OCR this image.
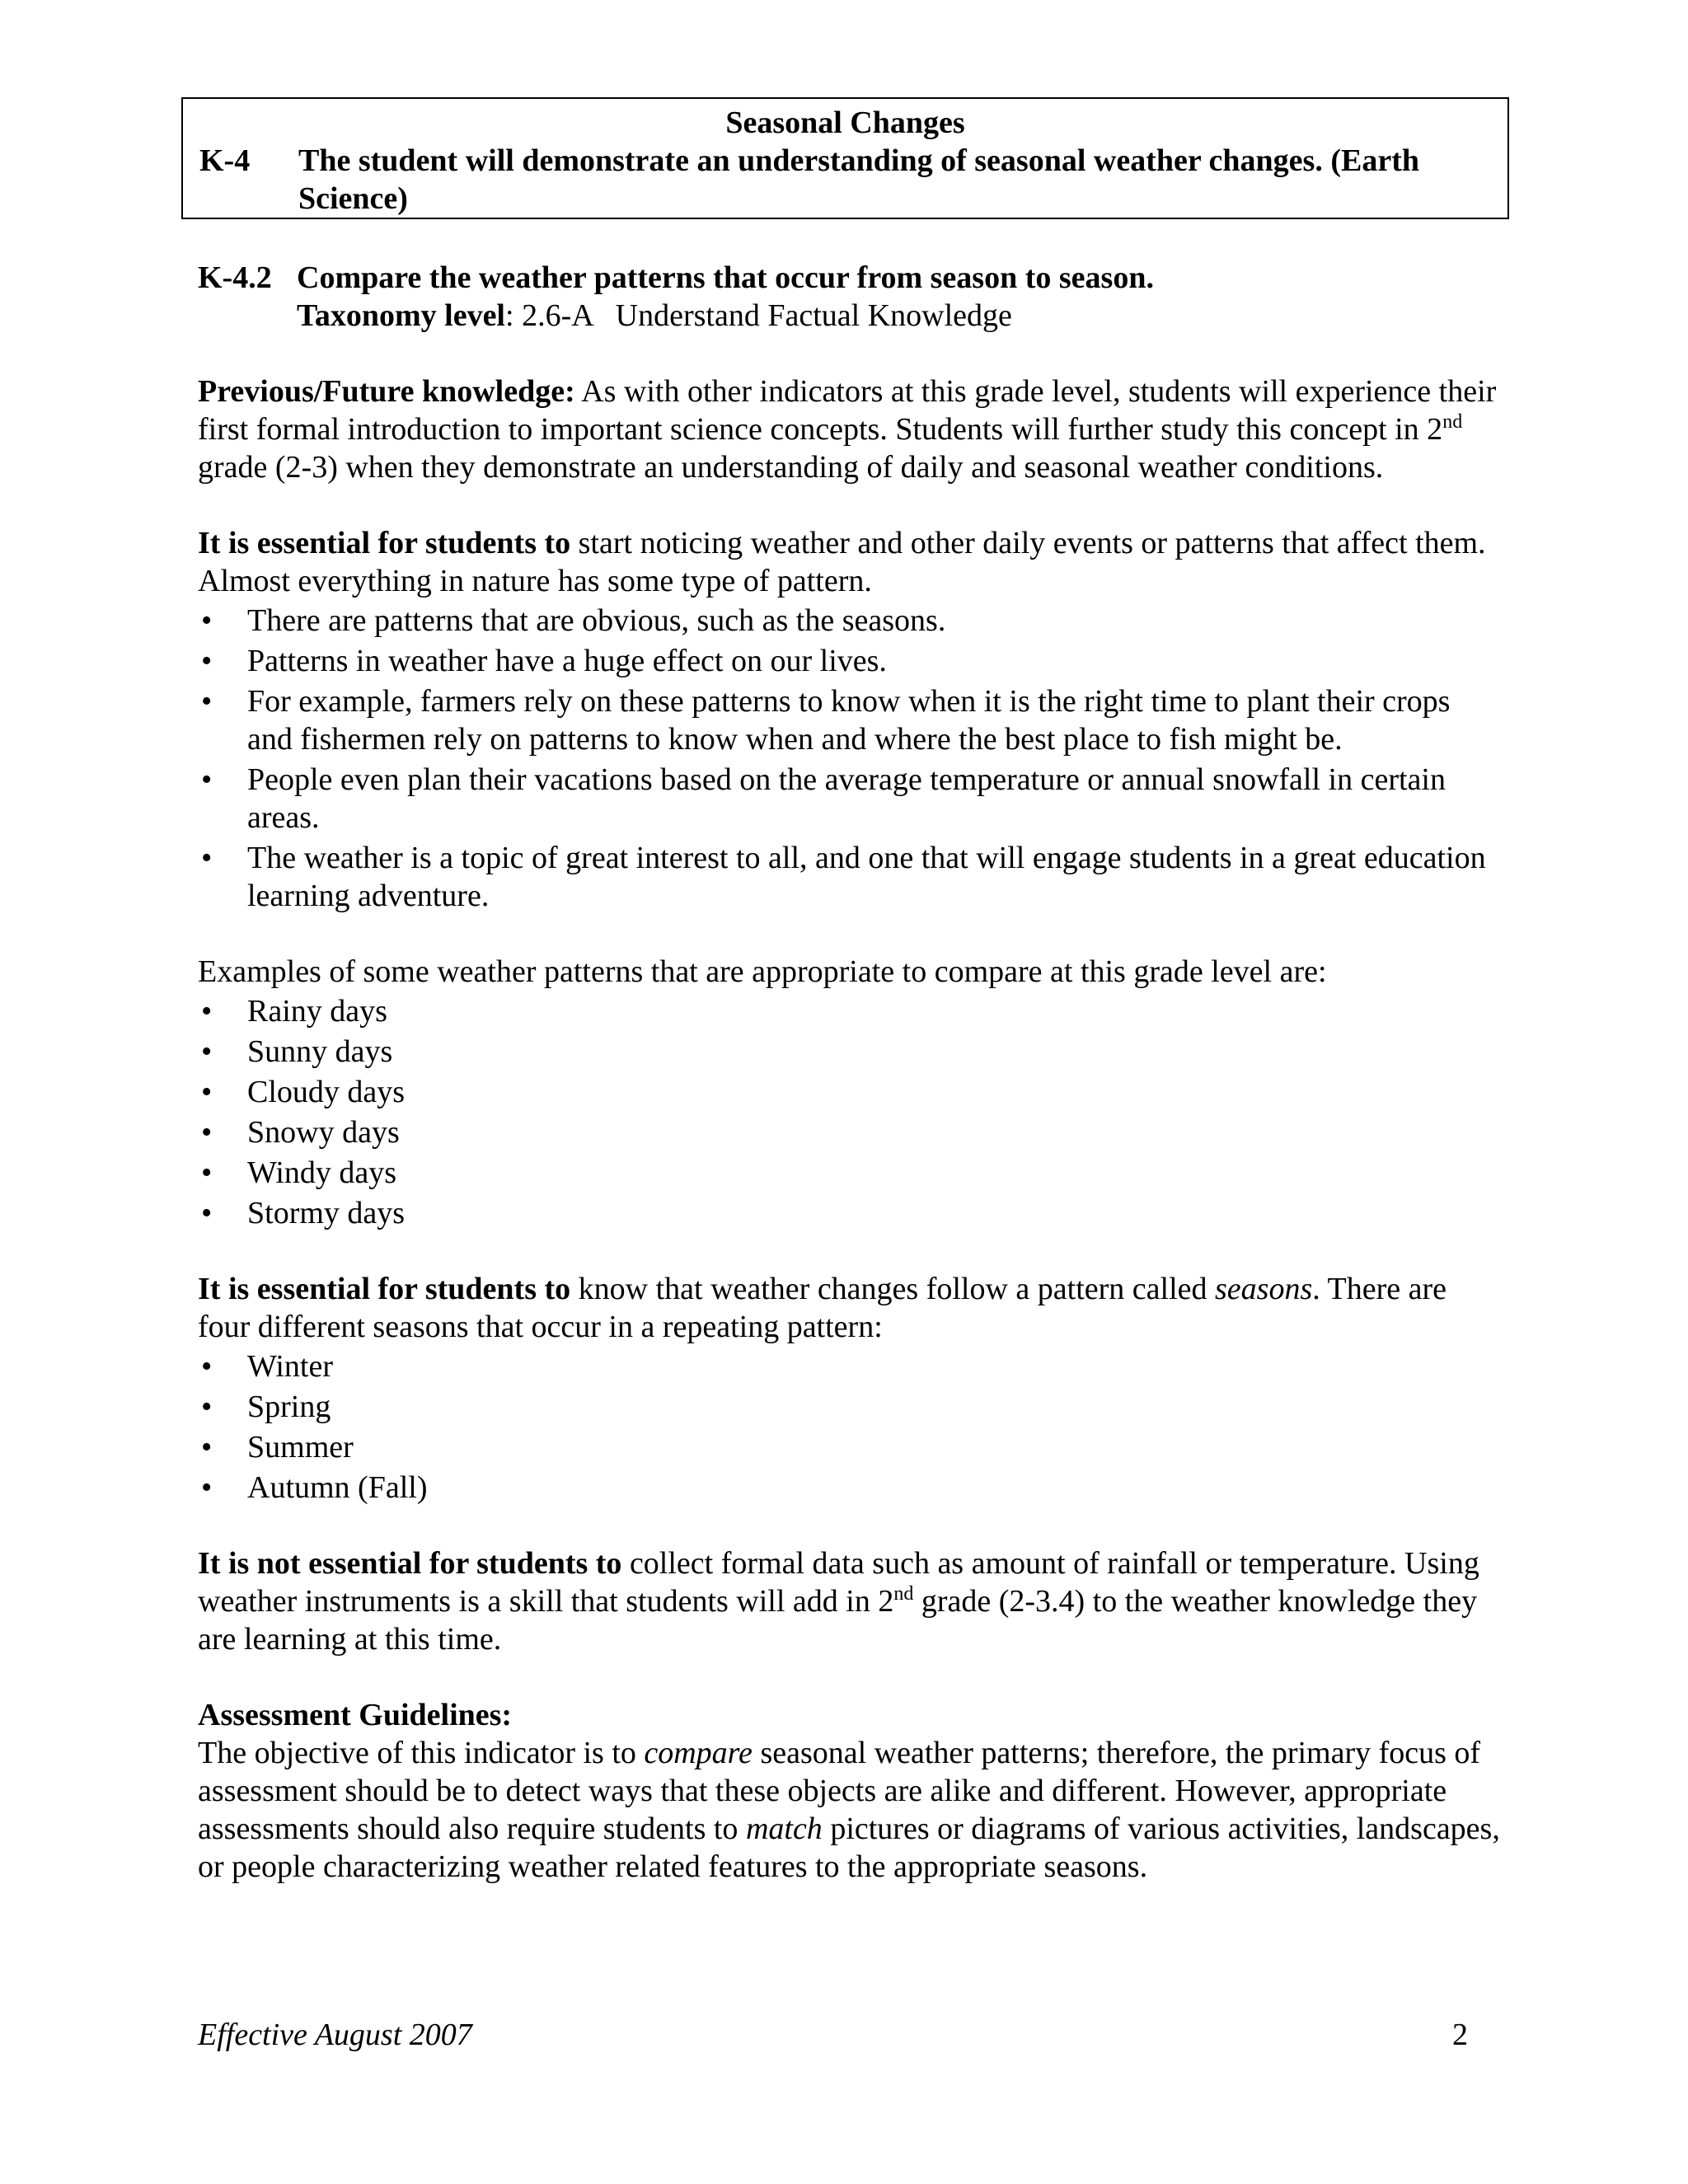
Seasonal Changes
K-4	The student will demonstrate an understanding of seasonal weather changes. (Earth Science)
K-4.2 Compare the weather patterns that occur from season to season.
Taxonomy level: 2.6-A Understand Factual Knowledge
Previous/Future knowledge: As with other indicators at this grade level, students will experience their first formal introduction to important science concepts. Students will further study this concept in 2nd grade (2-3) when they demonstrate an understanding of daily and seasonal weather conditions.
It is essential for students to start noticing weather and other daily events or patterns that affect them. Almost everything in nature has some type of pattern.
• There are patterns that are obvious, such as the seasons.
• Patterns in weather have a huge effect on our lives.
• For example, farmers rely on these patterns to know when it is the right time to plant their crops and fishermen rely on patterns to know when and where the best place to fish might be.
• People even plan their vacations based on the average temperature or annual snowfall in certain areas.
• The weather is a topic of great interest to all, and one that will engage students in a great education learning adventure.
Examples of some weather patterns that are appropriate to compare at this grade level are:
• Rainy days
• Sunny days
• Cloudy days
• Snowy days
• Windy days
• Stormy days
It is essential for students to know that weather changes follow a pattern called seasons. There are four different seasons that occur in a repeating pattern:
• Winter
• Spring
• Summer
• Autumn (Fall)
It is not essential for students to collect formal data such as amount of rainfall or temperature. Using weather instruments is a skill that students will add in 2nd grade (2-3.4) to the weather knowledge they are learning at this time.
Assessment Guidelines:
The objective of this indicator is to compare seasonal weather patterns; therefore, the primary focus of assessment should be to detect ways that these objects are alike and different. However, appropriate assessments should also require students to match pictures or diagrams of various activities, landscapes, or people characterizing weather related features to the appropriate seasons.
Effective August 2007	2
